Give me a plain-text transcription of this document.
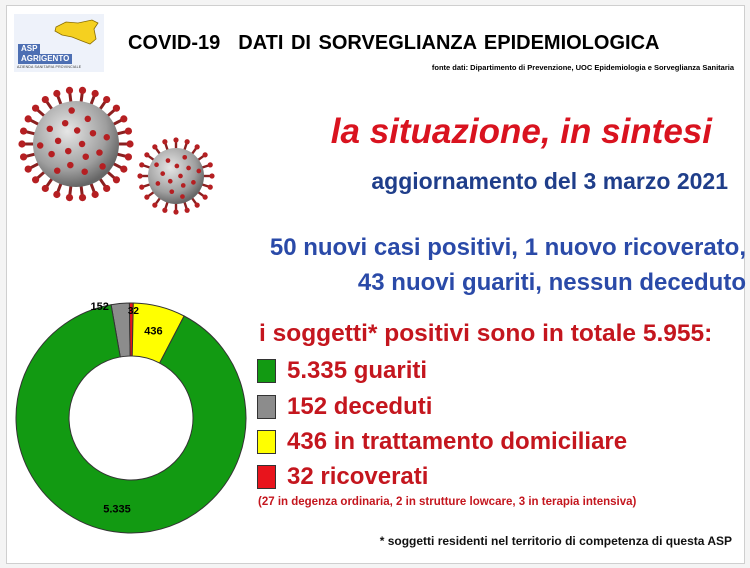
ASP
AGRIGENTO
AZIENDA SANITARIA PROVINCIALE
COVID-19 DATI DI SORVEGLIANZA EPIDEMIOLOGICA
fonte dati: Dipartimento di Prevenzione, UOC Epidemiologia e Sorveglianza Sanitaria
la situazione, in sintesi
aggiornamento del 3 marzo 2021
50 nuovi casi positivi, 1 nuovo ricoverato,
43 nuovi guariti, nessun deceduto
i soggetti* positivi sono in totale 5.955:
5.335 guariti
152 deceduti
436 in trattamento domiciliare
32 ricoverati
(27 in degenza ordinaria, 2 in strutture lowcare, 3 in terapia intensiva)
* soggetti residenti nel territorio di competenza di questa ASP
5.335
436
152 32
